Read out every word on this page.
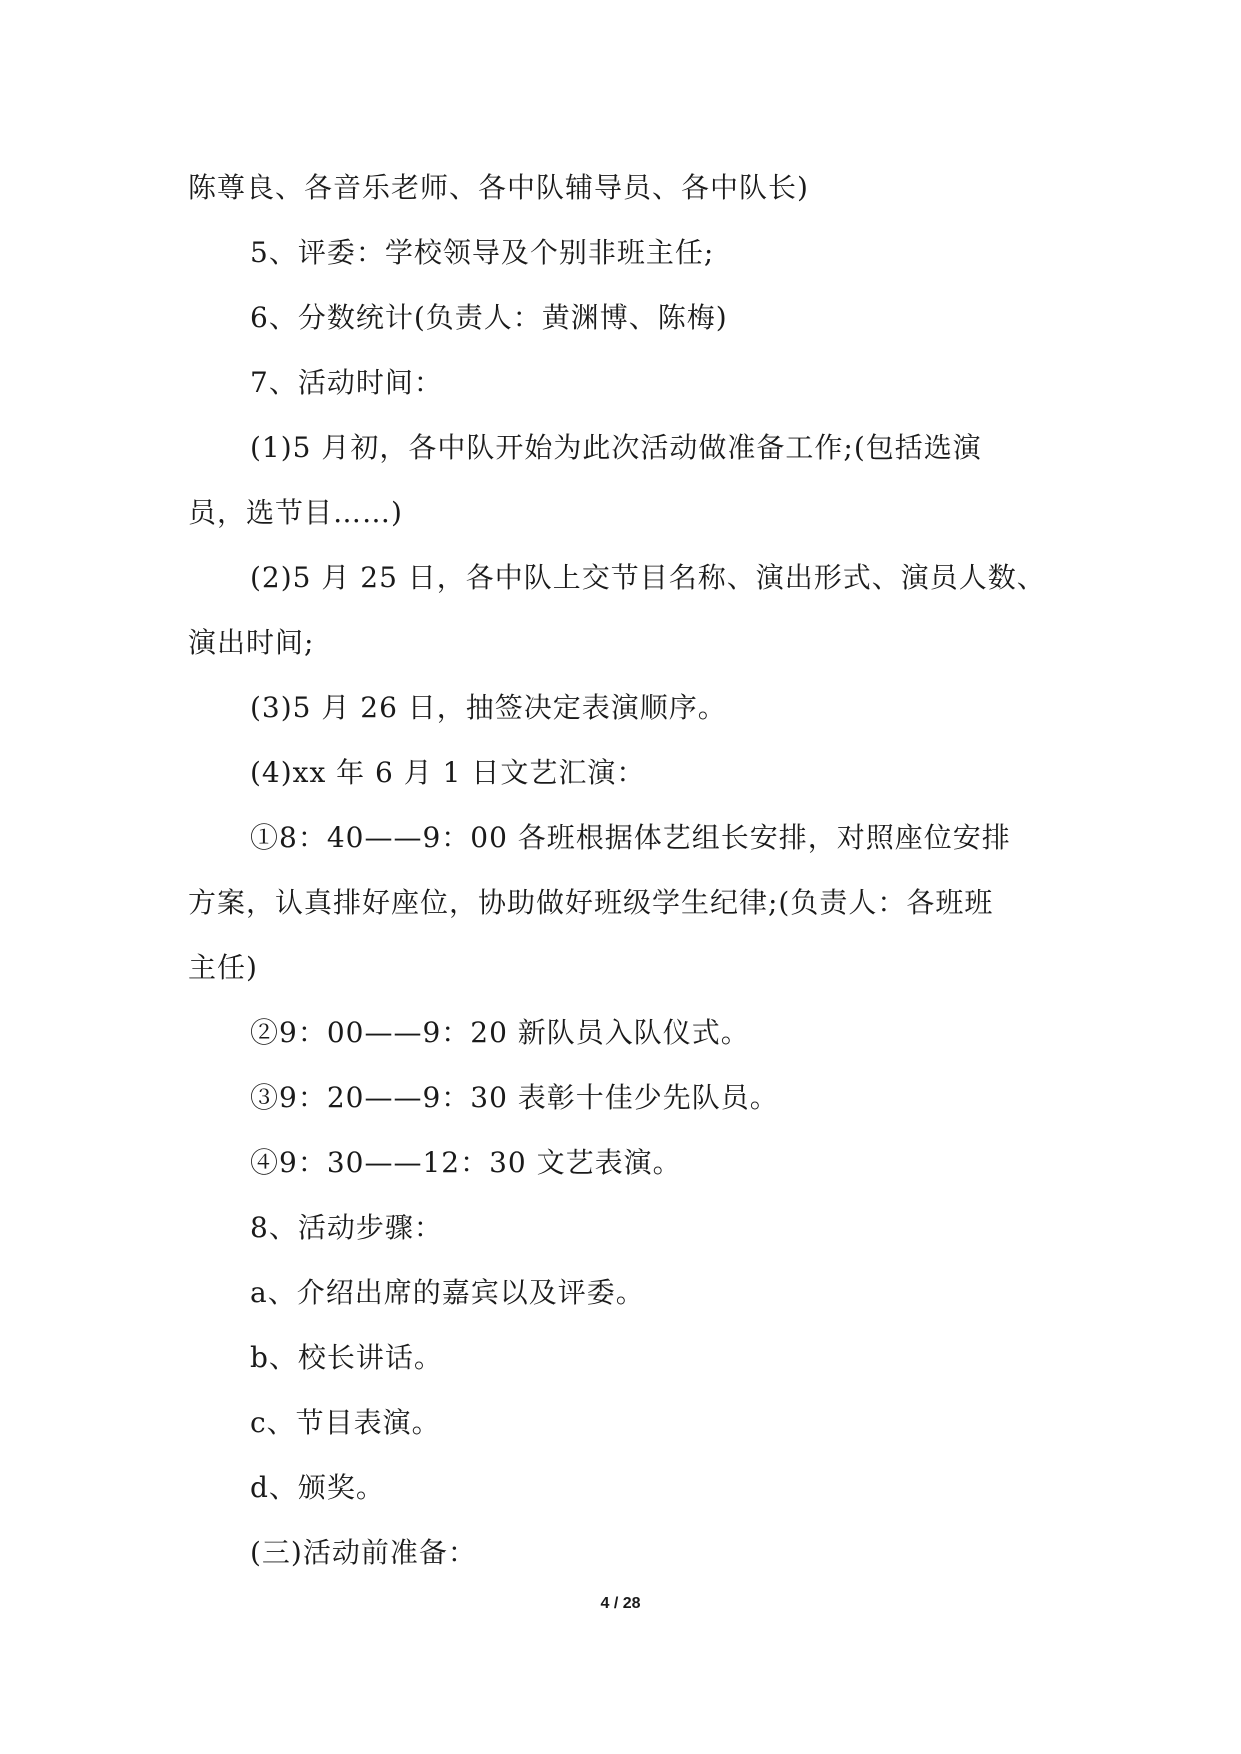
陈尊良、各音乐老师、各中队辅导员、各中队长)
5、评委：学校领导及个别非班主任;
6、分数统计(负责人：黄渊博、陈梅)
7、活动时间：
(1)5 月初，各中队开始为此次活动做准备工作;(包括选演
员，选节目……)
(2)5 月 25 日，各中队上交节目名称、演出形式、演员人数、
演出时间;
(3)5 月 26 日，抽签决定表演顺序。
(4)xx 年 6 月 1 日文艺汇演：
①8：40——9：00 各班根据体艺组长安排，对照座位安排
方案，认真排好座位，协助做好班级学生纪律;(负责人：各班班
主任)
②9：00——9：20 新队员入队仪式。
③9：20——9：30 表彰十佳少先队员。
④9：30——12：30 文艺表演。
8、活动步骤：
a、介绍出席的嘉宾以及评委。
b、校长讲话。
c、节目表演。
d、颁奖。
(三)活动前准备：
4 / 28
